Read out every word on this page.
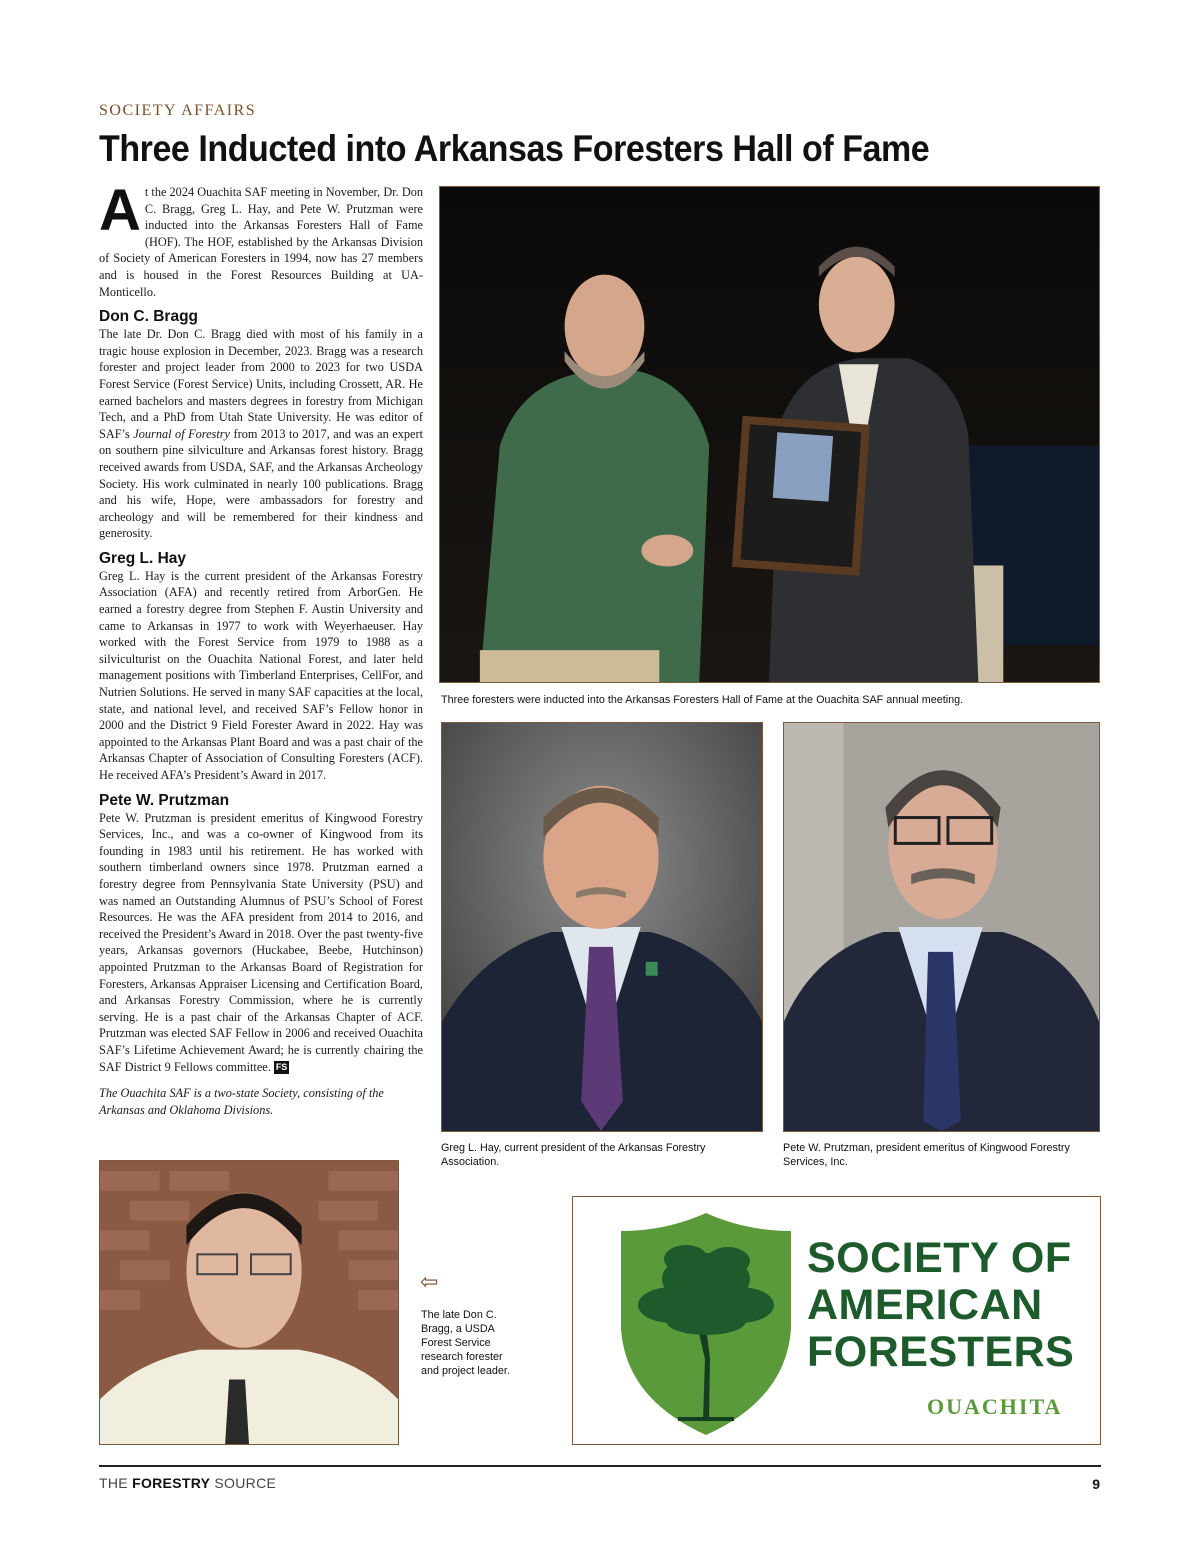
SOCIETY AFFAIRS
Three Inducted into Arkansas Foresters Hall of Fame

At the 2024 Ouachita SAF meeting in November, Dr. Don C. Bragg, Greg L. Hay, and Pete W. Prutzman were inducted into the Arkansas Foresters Hall of Fame (HOF). The HOF, established by the Arkansas Division of Society of American Foresters in 1994, now has 27 members and is housed in the Forest Resources Building at UA-Monticello.

Don C. Bragg

The late Dr. Don C. Bragg died with most of his family in a tragic house explosion in December, 2023. Bragg was a research forester and project leader from 2000 to 2023 for two USDA Forest Service (Forest Service) Units, including Crossett, AR. He earned bachelors and masters degrees in forestry from Michigan Tech, and a PhD from Utah State University. He was editor of SAF’s Journal of Forestry from 2013 to 2017, and was an expert on southern pine silviculture and Arkansas forest history. Bragg received awards from USDA, SAF, and the Arkansas Archeology Society. His work culminated in nearly 100 publications. Bragg and his wife, Hope, were ambassadors for forestry and archeology and will be remembered for their kindness and generosity.

Greg L. Hay

Greg L. Hay is the current president of the Arkansas Forestry Association (AFA) and recently retired from ArborGen. He earned a forestry degree from Stephen F. Austin University and came to Arkansas in 1977 to work with Weyerhaeuser. Hay worked with the Forest Service from 1979 to 1988 as a silviculturist on the Ouachita National Forest, and later held management positions with Timberland Enterprises, CellFor, and Nutrien Solutions. He served in many SAF capacities at the local, state, and national level, and received SAF’s Fellow honor in 2000 and the District 9 Field Forester Award in 2022. Hay was appointed to the Arkansas Plant Board and was a past chair of the Arkansas Chapter of Association of Consulting Foresters (ACF). He received AFA’s President’s Award in 2017.

Pete W. Prutzman

Pete W. Prutzman is president emeritus of Kingwood Forestry Services, Inc., and was a co-owner of Kingwood from its founding in 1983 until his retirement. He has worked with southern timberland owners since 1978. Prutzman earned a forestry degree from Pennsylvania State University (PSU) and was named an Outstanding Alumnus of PSU’s School of Forest Resources. He was the AFA president from 2014 to 2016, and received the President’s Award in 2018. Over the past twenty-five years, Arkansas governors (Huckabee, Beebe, Hutchinson) appointed Prutzman to the Arkansas Board of Registration for Foresters, Arkansas Appraiser Licensing and Certification Board, and Arkansas Forestry Commission, where he is currently serving. He is a past chair of the Arkansas Chapter of ACF. Prutzman was elected SAF Fellow in 2006 and received Ouachita SAF’s Lifetime Achievement Award; he is currently chairing the SAF District 9 Fellows committee. FS

The Ouachita SAF is a two-state Society, consisting of the Arkansas and Oklahoma Divisions.

Three foresters were inducted into the Arkansas Foresters Hall of Fame at the Ouachita SAF annual meeting.
Greg L. Hay, current president of the Arkansas Forestry Association.
Pete W. Prutzman, president emeritus of Kingwood Forestry Services, Inc.
⇦
The late Don C. Bragg, a USDA Forest Service research forester and project leader.
SOCIETY OF
AMERICAN
FORESTERS
OUACHITA
THE FORESTRY SOURCE	9
